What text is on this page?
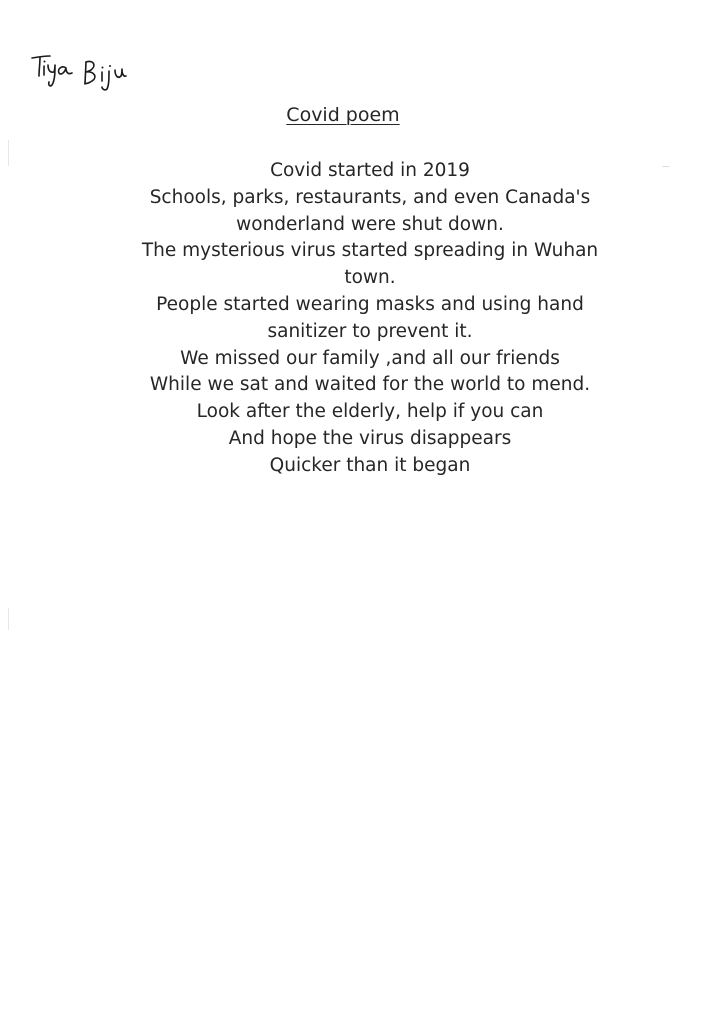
⁓
Covid poem
Covid started in 2019
Schools, parks, restaurants, and even Canada's
wonderland were shut down.
The mysterious virus started spreading in Wuhan
town.
People started wearing masks and using hand
sanitizer to prevent it.
We missed our family ,and all our friends
While we sat and waited for the world to mend.
Look after the elderly, help if you can
And hope the virus disappears
Quicker than it began
